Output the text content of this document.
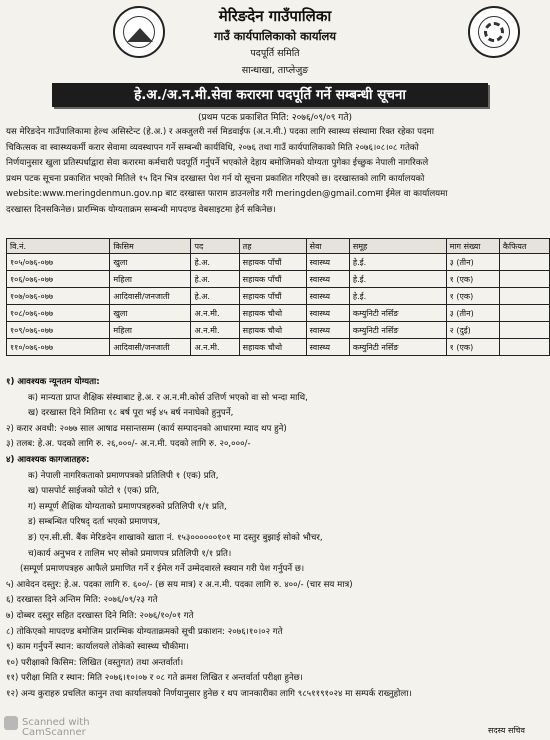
मेरिङदेन गाउँपालिका
गाउँ कार्यपालिकाको कार्यालय
पदपूर्ति समिति
सान्धाखा, ताप्लेजुङ
हे.अ./अ.न.मी.सेवा करारमा पदपूर्ति गर्ने सम्बन्धी सूचना
(प्रथम पटक प्रकाशित मिति: २०७६/०९/०९ गते)
यस मेरिङदेन गाउँपालिकामा हेल्थ असिस्टेन्ट (हे.अ.) र अक्जुलरी नर्स मिडवाईफ (अ.न.मी.) पदका लागि स्वास्थ्य संस्थामा रिक्त रहेका पदमा
चिकित्सक वा स्वास्थ्यकर्मी करार सेवामा व्यवस्थापन गर्ने सम्बन्धी कार्यविधि, २०७६ तथा गाउँ कार्यपालिकाको मिति २०७६।०८।०८ गतेको
निर्णयानुसार खुला प्रतिस्पर्धाद्वारा सेवा करारमा कर्मचारी पदपूर्ति गर्नुपर्ने भएकोले देहाय बमोजिमको योग्यता पुगेका ईच्छुक नेपाली नागरिकले
प्रथम पटक सूचना प्रकाशित भएको मितिले १५ दिन भित्र दरखास्त पेश गर्न यो सूचना प्रकाशित गरिएको छ। दरखास्तको लागि कार्यालयको
website:www.meringdenmun.gov.np बाट दरखास्त फाराम डाउनलोड गरी meringden@gmail.comमा ईमेल वा कार्यालयमा
दरखास्त दिनसकिनेछ। प्रारम्भिक योग्यताक्रम सम्बन्धी मापदण्ड वेबसाइटमा हेर्न सकिनेछ।
वि.नं.	किसिम	पद	तह	सेवा	समूह	माग संख्या	कैफियत
१०५/०७६-०७७	खुला	हे.अ.	सहायक पाँचौं	स्वास्थ्य	हे.ई.	३ (तीन)	
१०६/०७६-०७७	महिला	हे.अ.	सहायक पाँचौं	स्वास्थ्य	हे.ई.	१ (एक)	
१०७/०७६-०७७	आदिवासी/जनजाती	हे.अ.	सहायक पाँचौं	स्वास्थ्य	हे.ई.	१ (एक)	
१०८/०७६-०७७	खुला	अ.न.मी.	सहायक चौथो	स्वास्थ्य	कम्युनिटी नर्सिङ	३ (तीन)	
१०९/०७६-०७७	महिला	अ.न.मी.	सहायक चौथो	स्वास्थ्य	कम्युनिटी नर्सिङ	२ (दुई)	
११०/०७६-०७७	आदिवासी/जनजाती	अ.न.मी.	सहायक चौथो	स्वास्थ्य	कम्युनिटी नर्सिङ	१ (एक)	
१) आवश्यक न्यूनतम योग्यता:
क) मान्यता प्राप्त शैक्षिक संस्थाबाट हे.अ. र अ.न.मी.कोर्स उत्तिर्ण भएको वा सो भन्दा माथि,
ख) दरखास्त दिने मितिमा १८ बर्ष पूरा भई ४५ बर्ष ननाघेको हुनुपर्ने,
२) करार अवधी: २०७७ साल आषाढ मसान्तसम्म (कार्य सम्पादनको आधारमा म्याद थप हुने)
३) तलब: हे.अ. पदको लागि रु. २६,०००/- अ.न.मी. पदको लागि रु. २०,०००/-
४) आवश्यक कागजातहरु:
क) नेपाली नागरिकताको प्रमाणपत्रको प्रतिलिपी १ (एक) प्रति,
ख) पासपोर्ट साईजको फोटो १ (एक) प्रति,
ग) सम्पूर्ण शैक्षिक योग्यताको प्रमाणपत्रहरुको प्रतिलिपी १/१ प्रति,
ड) सम्बन्धित परिषद् दर्ता भएको प्रमाणपत्र,
ङ) एन.सी.सी. बैंक मेरिङदेन शाखाको खाता नं. १५३००००००१०१ मा दस्तुर बुझाई सोको भौचर,
च)कार्य अनुभव र तालिम भए सोको प्रमाणपत्र प्रतिलिपी १/१ प्रति।
(सम्पूर्ण प्रमाणपत्रहरु आफैले प्रमाणित गर्ने र ईमेल गर्ने उम्मेदवारले स्क्यान गरी पेश गर्नुपर्ने छ।
५) आवेदन दस्तुर: हे.अ. पदका लागि रु. ६००/- (छ सय मात्र) र अ.न.मी. पदका लागि रु. ४००/- (चार सय मात्र)
६) दरखास्त दिने अन्तिम मिति: २०७६/०९/२३ गते
७) दोब्बर दस्तुर सहित दरखास्त दिने मिति: २०७६/१०/०१ गते
८) तोकिएको मापदण्ड बमोजिम प्रारम्भिक योग्यताक्रमको सूची प्रकाशन: २०७६।१०।०२ गते
९) काम गर्नुपर्ने स्थान: कार्यालयले तोकेको स्वास्थ्य चौकीमा।
१०) परीक्षाको किसिम: लिखित (वस्तुगत) तथा अन्तर्वार्ता।
११) परीक्षा मिति र स्थान: मिति २०७६।१०।०७ र ०८ गते क्रमश लिखित र अन्तर्वार्ता परीक्षा हुनेछ।
१२) अन्य कुराहरु प्रचलित कानुन तथा कार्यालयको निर्णयानुसार हुनेछ र थप जानकारीका लागि ९८५११९१०२४ मा सम्पर्क राख्नुहोला।
Scanned with
CamScanner	सदस्य सचिव
